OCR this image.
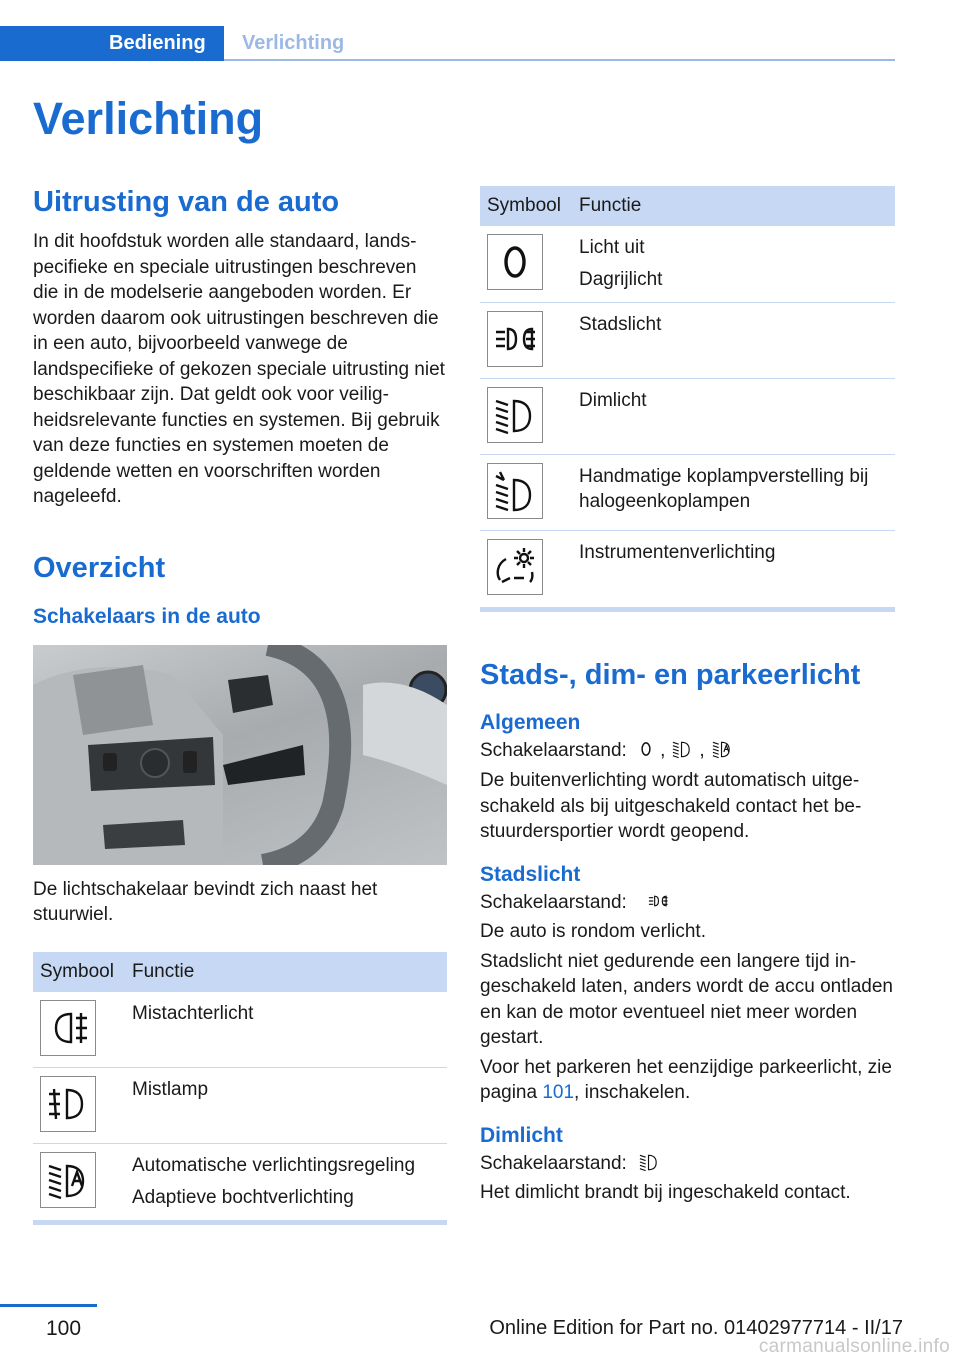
Bediening	Verlichting
Verlichting
Uitrusting van de auto

In dit hoofdstuk worden alle standaard, landspecifieke en speciale uitrustingen beschreven die in de modelserie aangeboden worden. Er worden daarom ook uitrustingen beschreven die in een auto, bijvoorbeeld vanwege de landspecifieke of gekozen speciale uitrusting niet beschikbaar zijn. Dat geldt ook voor veiligheidsrelevante functies en systemen. Bij gebruik van deze functies en systemen moeten de geldende wetten en voorschriften worden nageleefd.

Overzicht
Schakelaars in de auto

De lichtschakelaar bevindt zich naast het stuurwiel.

Symbool	Functie

Mistachterlicht

Mistlamp

Automatische verlichtingsregeling
Adaptieve bochtverlichting
Symbool	Functie

Licht uit
Dagrijlicht

Stadslicht

Dimlicht

Handmatige koplampverstelling bij halogeenkoplampen

Instrumentenverlichting
Stads-, dim- en parkeerlicht
Algemeen

Schakelaarstand: , ,

De buitenverlichting wordt automatisch uitgeschakeld als bij uitgeschakeld contact het bestuurdersportier wordt geopend.

Stadslicht

Schakelaarstand:

De auto is rondom verlicht.

Stadslicht niet gedurende een langere tijd ingeschakeld laten, anders wordt de accu ontladen en kan de motor eventueel niet meer worden gestart.

Voor het parkeren het eenzijdige parkeerlicht, zie pagina 101, inschakelen.

Dimlicht

Schakelaarstand:

Het dimlicht brandt bij ingeschakeld contact.

100	Online Edition for Part no. 01402977714 - II/17
carmanualsonline.info
